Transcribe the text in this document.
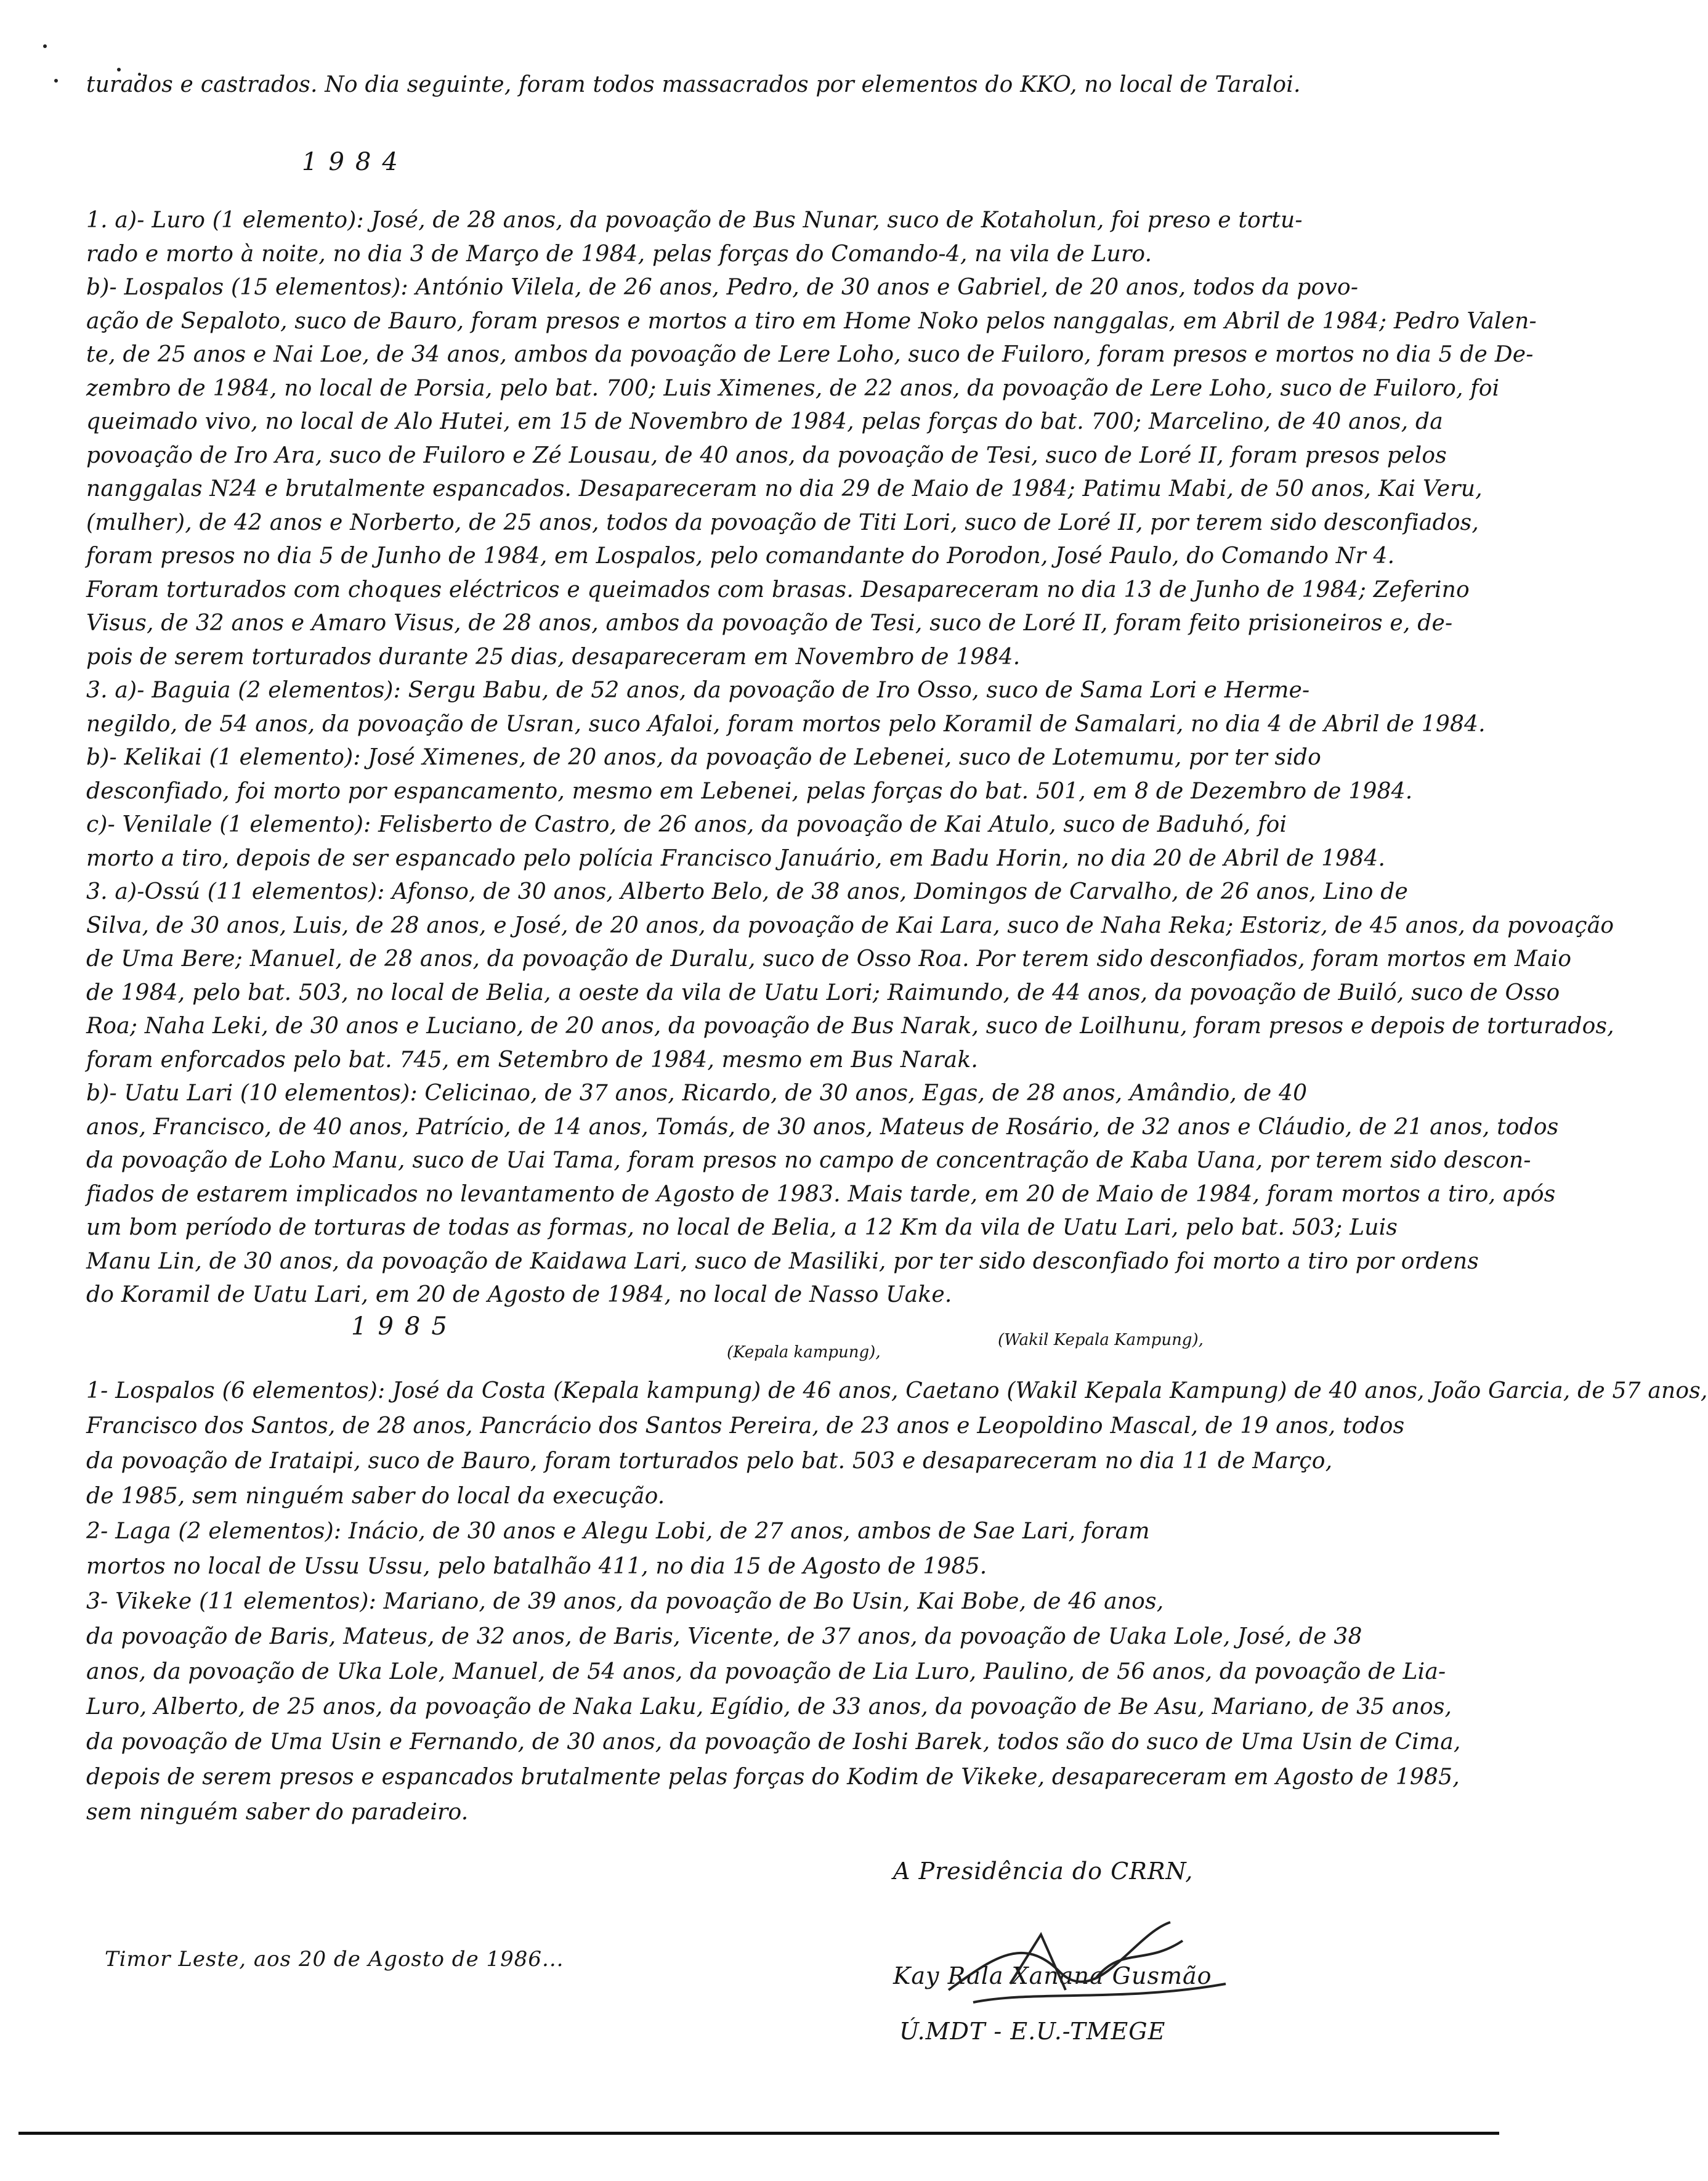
turados e castrados. No dia seguinte, foram todos massacrados por elementos do KKO, no local de Taraloi.
1984
1. a)- Luro (1 elemento): José, de 28 anos, da povoação de Bus Nunar, suco de Kotaholun, foi preso e tortu-
rado e morto à noite, no dia 3 de Março de 1984, pelas forças do Comando-4, na vila de Luro.
b)- Lospalos (15 elementos): António Vilela, de 26 anos, Pedro, de 30 anos e Gabriel, de 20 anos, todos da povo-
ação de Sepaloto, suco de Bauro, foram presos e mortos a tiro em Home Noko pelos nanggalas, em Abril de 1984; Pedro Valen-
te, de 25 anos e Nai Loe, de 34 anos, ambos da povoação de Lere Loho, suco de Fuiloro, foram presos e mortos no dia 5 de De-
zembro de 1984, no local de Porsia, pelo bat. 700; Luis Ximenes, de 22 anos, da povoação de Lere Loho, suco de Fuiloro, foi
queimado vivo, no local de Alo Hutei, em 15 de Novembro de 1984, pelas forças do bat. 700; Marcelino, de 40 anos, da
povoação de Iro Ara, suco de Fuiloro e Zé Lousau, de 40 anos, da povoação de Tesi, suco de Loré II, foram presos pelos
nanggalas N24 e brutalmente espancados. Desapareceram no dia 29 de Maio de 1984; Patimu Mabi, de 50 anos, Kai Veru,
(mulher), de 42 anos e Norberto, de 25 anos, todos da povoação de Titi Lori, suco de Loré II, por terem sido desconfiados,
foram presos no dia 5 de Junho de 1984, em Lospalos, pelo comandante do Porodon, José Paulo, do Comando Nr 4.
Foram torturados com choques eléctricos e queimados com brasas. Desapareceram no dia 13 de Junho de 1984; Zeferino
Visus, de 32 anos e Amaro Visus, de 28 anos, ambos da povoação de Tesi, suco de Loré II, foram feito prisioneiros e, de-
pois de serem torturados durante 25 dias, desapareceram em Novembro de 1984.
3. a)- Baguia (2 elementos): Sergu Babu, de 52 anos, da povoação de Iro Osso, suco de Sama Lori e Herme-
negildo, de 54 anos, da povoação de Usran, suco Afaloi, foram mortos pelo Koramil de Samalari, no dia 4 de Abril de 1984.
b)- Kelikai (1 elemento): José Ximenes, de 20 anos, da povoação de Lebenei, suco de Lotemumu, por ter sido
desconfiado, foi morto por espancamento, mesmo em Lebenei, pelas forças do bat. 501, em 8 de Dezembro de 1984.
c)- Venilale (1 elemento): Felisberto de Castro, de 26 anos, da povoação de Kai Atulo, suco de Baduhó, foi
morto a tiro, depois de ser espancado pelo polícia Francisco Januário, em Badu Horin, no dia 20 de Abril de 1984.
3. a)-Ossú (11 elementos): Afonso, de 30 anos, Alberto Belo, de 38 anos, Domingos de Carvalho, de 26 anos, Lino de
Silva, de 30 anos, Luis, de 28 anos, e José, de 20 anos, da povoação de Kai Lara, suco de Naha Reka; Estoriz, de 45 anos, da povoação
de Uma Bere; Manuel, de 28 anos, da povoação de Duralu, suco de Osso Roa. Por terem sido desconfiados, foram mortos em Maio
de 1984, pelo bat. 503, no local de Belia, a oeste da vila de Uatu Lori; Raimundo, de 44 anos, da povoação de Builó, suco de Osso
Roa; Naha Leki, de 30 anos e Luciano, de 20 anos, da povoação de Bus Narak, suco de Loilhunu, foram presos e depois de torturados,
foram enforcados pelo bat. 745, em Setembro de 1984, mesmo em Bus Narak.
b)- Uatu Lari (10 elementos): Celicinao, de 37 anos, Ricardo, de 30 anos, Egas, de 28 anos, Amândio, de 40
anos, Francisco, de 40 anos, Patrício, de 14 anos, Tomás, de 30 anos, Mateus de Rosário, de 32 anos e Cláudio, de 21 anos, todos
da povoação de Loho Manu, suco de Uai Tama, foram presos no campo de concentração de Kaba Uana, por terem sido descon-
fiados de estarem implicados no levantamento de Agosto de 1983. Mais tarde, em 20 de Maio de 1984, foram mortos a tiro, após
um bom período de torturas de todas as formas, no local de Belia, a 12 Km da vila de Uatu Lari, pelo bat. 503; Luis
Manu Lin, de 30 anos, da povoação de Kaidawa Lari, suco de Masiliki, por ter sido desconfiado foi morto a tiro por ordens
do Koramil de Uatu Lari, em 20 de Agosto de 1984, no local de Nasso Uake.
1985
(Kepala kampung),
(Wakil Kepala Kampung),
1- Lospalos (6 elementos): José da Costa (Kepala kampung) de 46 anos, Caetano (Wakil Kepala Kampung) de 40 anos, João Garcia, de 57 anos,
Francisco dos Santos, de 28 anos, Pancrácio dos Santos Pereira, de 23 anos e Leopoldino Mascal, de 19 anos, todos
da povoação de Irataipi, suco de Bauro, foram torturados pelo bat. 503 e desapareceram no dia 11 de Março,
de 1985, sem ninguém saber do local da execução.
2- Laga (2 elementos): Inácio, de 30 anos e Alegu Lobi, de 27 anos, ambos de Sae Lari, foram
mortos no local de Ussu Ussu, pelo batalhão 411, no dia 15 de Agosto de 1985.
3- Vikeke (11 elementos): Mariano, de 39 anos, da povoação de Bo Usin, Kai Bobe, de 46 anos,
da povoação de Baris, Mateus, de 32 anos, de Baris, Vicente, de 37 anos, da povoação de Uaka Lole, José, de 38
anos, da povoação de Uka Lole, Manuel, de 54 anos, da povoação de Lia Luro, Paulino, de 56 anos, da povoação de Lia-
Luro, Alberto, de 25 anos, da povoação de Naka Laku, Egídio, de 33 anos, da povoação de Be Asu, Mariano, de 35 anos,
da povoação de Uma Usin e Fernando, de 30 anos, da povoação de Ioshi Barek, todos são do suco de Uma Usin de Cima,
depois de serem presos e espancados brutalmente pelas forças do Kodim de Vikeke, desapareceram em Agosto de 1985,
sem ninguém saber do paradeiro.
A Presidência do CRRN,
Timor Leste, aos 20 de Agosto de 1986...
Kay Rala Xanana Gusmão
Ú.MDT - E.U.-TMEGE
